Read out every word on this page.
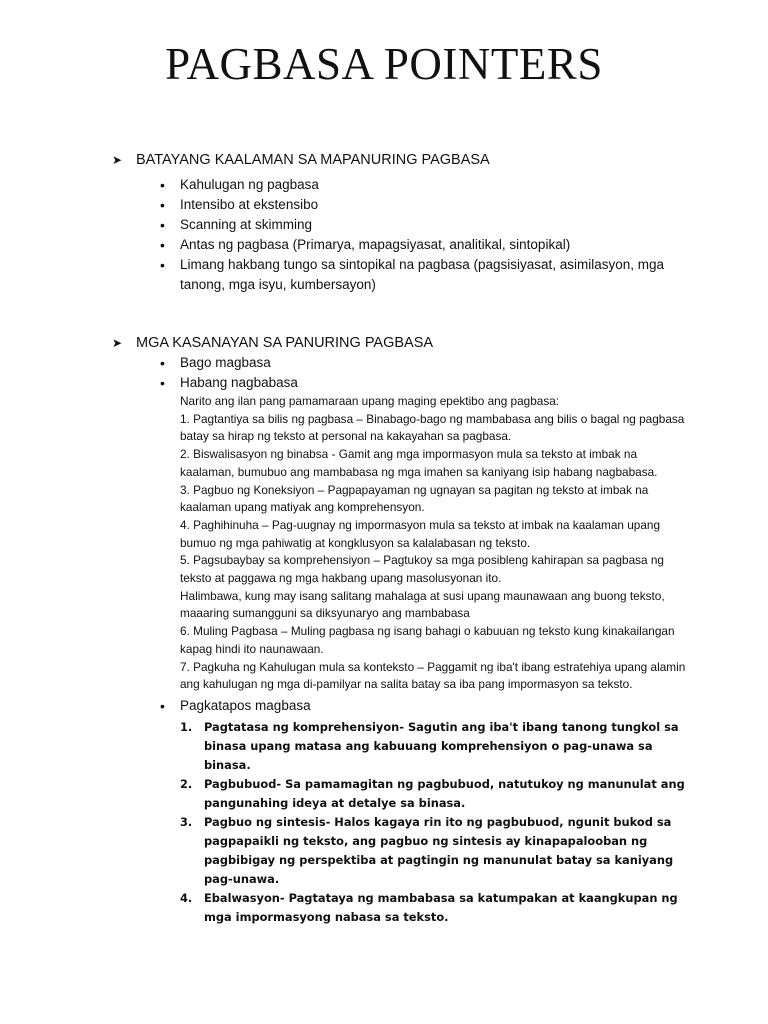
PAGBASA POINTERS
➤ BATAYANG KAALAMAN SA MAPANURING PAGBASA
• Kahulugan ng pagbasa
• Intensibo at ekstensibo
• Scanning at skimming
• Antas ng pagbasa (Primarya, mapagsiyasat, analitikal, sintopikal)
• Limang hakbang tungo sa sintopikal na pagbasa (pagsisiyasat, asimilasyon, mga tanong, mga isyu, kumbersayon)
➤ MGA KASANAYAN SA PANURING PAGBASA
• Bago magbasa
• Habang nagbabasa

Narito ang ilan pang pamamaraan upang maging epektibo ang pagbasa:

1. Pagtantiya sa bilis ng pagbasa – Binabago-bago ng mambabasa ang bilis o bagal ng pagbasa batay sa hirap ng teksto at personal na kakayahan sa pagbasa.

2. Biswalisasyon ng binabsa - Gamit ang mga impormasyon mula sa teksto at imbak na kaalaman, bumubuo ang mambabasa ng mga imahen sa kaniyang isip habang nagbabasa.

3. Pagbuo ng Koneksiyon – Pagpapayaman ng ugnayan sa pagitan ng teksto at imbak na kaalaman upang matiyak ang komprehensyon.

4. Paghihinuha – Pag-uugnay ng impormasyon mula sa teksto at imbak na kaalaman upang bumuo ng mga pahiwatig at kongklusyon sa kalalabasan ng teksto.

5. Pagsubaybay sa komprehensiyon – Pagtukoy sa mga posibleng kahirapan sa pagbasa ng teksto at paggawa ng mga hakbang upang masolusyonan ito.

Halimbawa, kung may isang salitang mahalaga at susi upang maunawaan ang buong teksto, maaaring sumangguni sa diksyunaryo ang mambabasa

6. Muling Pagbasa – Muling pagbasa ng isang bahagi o kabuuan ng teksto kung kinakailangan kapag hindi ito naunawaan.

7. Pagkuha ng Kahulugan mula sa konteksto – Paggamit ng iba't ibang estratehiya upang alamin ang kahulugan ng mga di-pamilyar na salita batay sa iba pang impormasyon sa teksto.

• Pagkatapos magbasa
1. Pagtatasa ng komprehensiyon- Sagutin ang iba't ibang tanong tungkol sa binasa upang matasa ang kabuuang komprehensiyon o pag-unawa sa binasa.
2. Pagbubuod- Sa pamamagitan ng pagbubuod, natutukoy ng manunulat ang pangunahing ideya at detalye sa binasa.
3. Pagbuo ng sintesis- Halos kagaya rin ito ng pagbubuod, ngunit bukod sa pagpapaikli ng teksto, ang pagbuo ng sintesis ay kinapapalooban ng pagbibigay ng perspektiba at pagtingin ng manunulat batay sa kaniyang pag-unawa.
4. Ebalwasyon- Pagtataya ng mambabasa sa katumpakan at kaangkupan ng mga impormasyong nabasa sa teksto.
